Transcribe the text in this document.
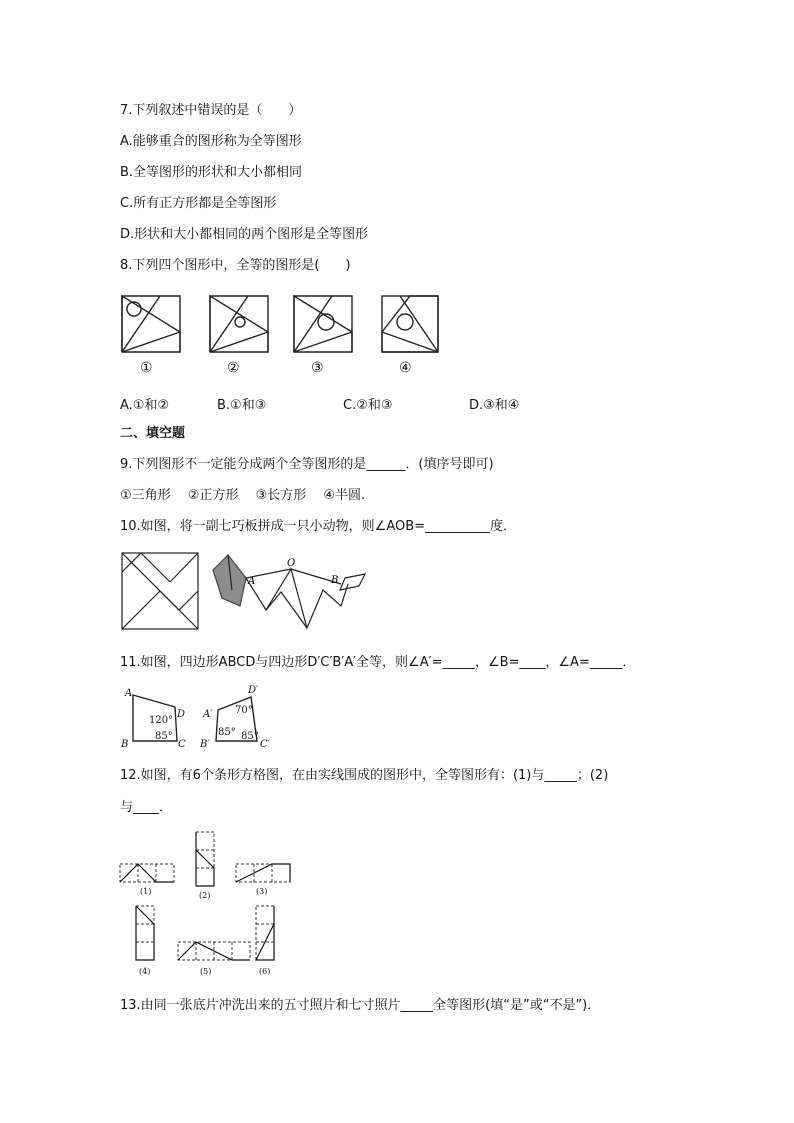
7.下列叙述中错误的是（　　）
A.能够重合的图形称为全等图形
B.全等图形的形状和大小都相同
C.所有正方形都是全等图形
D.形状和大小都相同的两个图形是全等图形
8.下列四个图形中，全等的图形是(　　)
①	②	③	④
A.①和②	B.①和③	C.②和③	D.③和④
二、填空题
9.下列图形不一定能分成两个全等图形的是______．(填序号即可)
①三角形　 ②正方形　 ③长方形　 ④半圆.
10.如图，将一副七巧板拼成一只小动物，则∠AOB=__________度．
A
O
B
11.如图，四边形ABCD与四边形D′C′B′A′全等，则∠A′=_____，∠B=____，∠A=_____．
A
D
B	C
A′
D′
B′	C′
120°
85°
70°
85° 85°
12.如图，有6个条形方格图，在由实线围成的图形中，全等图形有：(1)与_____；(2)
与____．
(1)	(2)	(3)
(4)	(5)	(6)
13.由同一张底片冲洗出来的五寸照片和七寸照片_____全等图形(填“是”或“不是”)．
